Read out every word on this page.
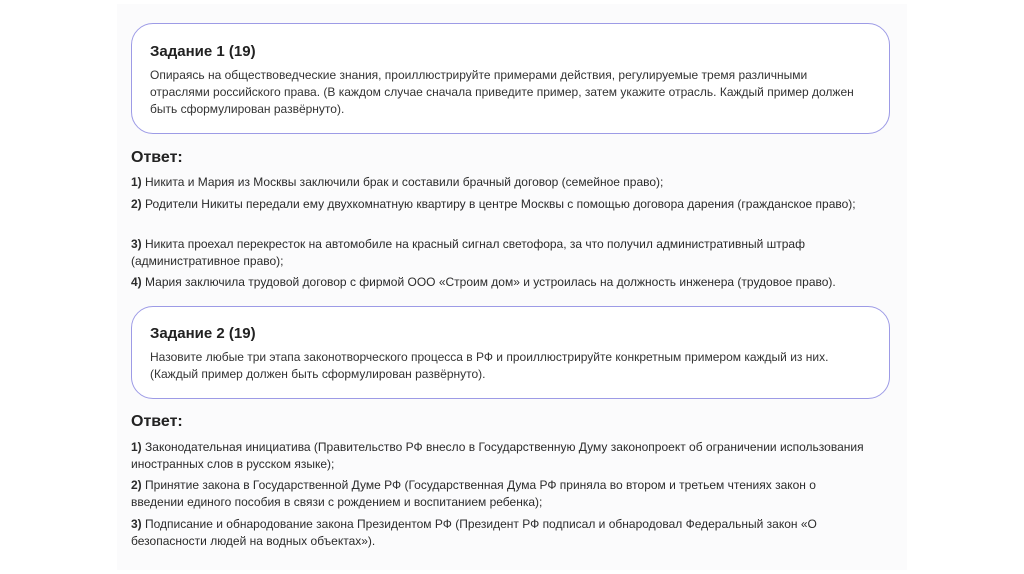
Задание 1 (19)
Опираясь на обществоведческие знания, проиллюстрируйте примерами действия, регулируемые тремя различными отраслями российского права. (В каждом случае сначала приведите пример, затем укажите отрасль. Каждый пример должен быть сформулирован развёрнуто).
Ответ:
1) Никита и Мария из Москвы заключили брак и составили брачный договор (семейное право);
2) Родители Никиты передали ему двухкомнатную квартиру в центре Москвы с помощью договора дарения (гражданское право);
3) Никита проехал перекресток на автомобиле на красный сигнал светофора, за что получил административный штраф (административное право);
4) Мария заключила трудовой договор с фирмой ООО «Строим дом» и устроилась на должность инженера (трудовое право).
Задание 2 (19)
Назовите любые три этапа законотворческого процесса в РФ и проиллюстрируйте конкретным примером каждый из них. (Каждый пример должен быть сформулирован развёрнуто).
Ответ:
1) Законодательная инициатива (Правительство РФ внесло в Государственную Думу законопроект об ограничении использования иностранных слов в русском языке);
2) Принятие закона в Государственной Думе РФ (Государственная Дума РФ приняла во втором и третьем чтениях закон о введении единого пособия в связи с рождением и воспитанием ребенка);
3) Подписание и обнародование закона Президентом РФ (Президент РФ подписал и обнародовал Федеральный закон «О безопасности людей на водных объектах»).
